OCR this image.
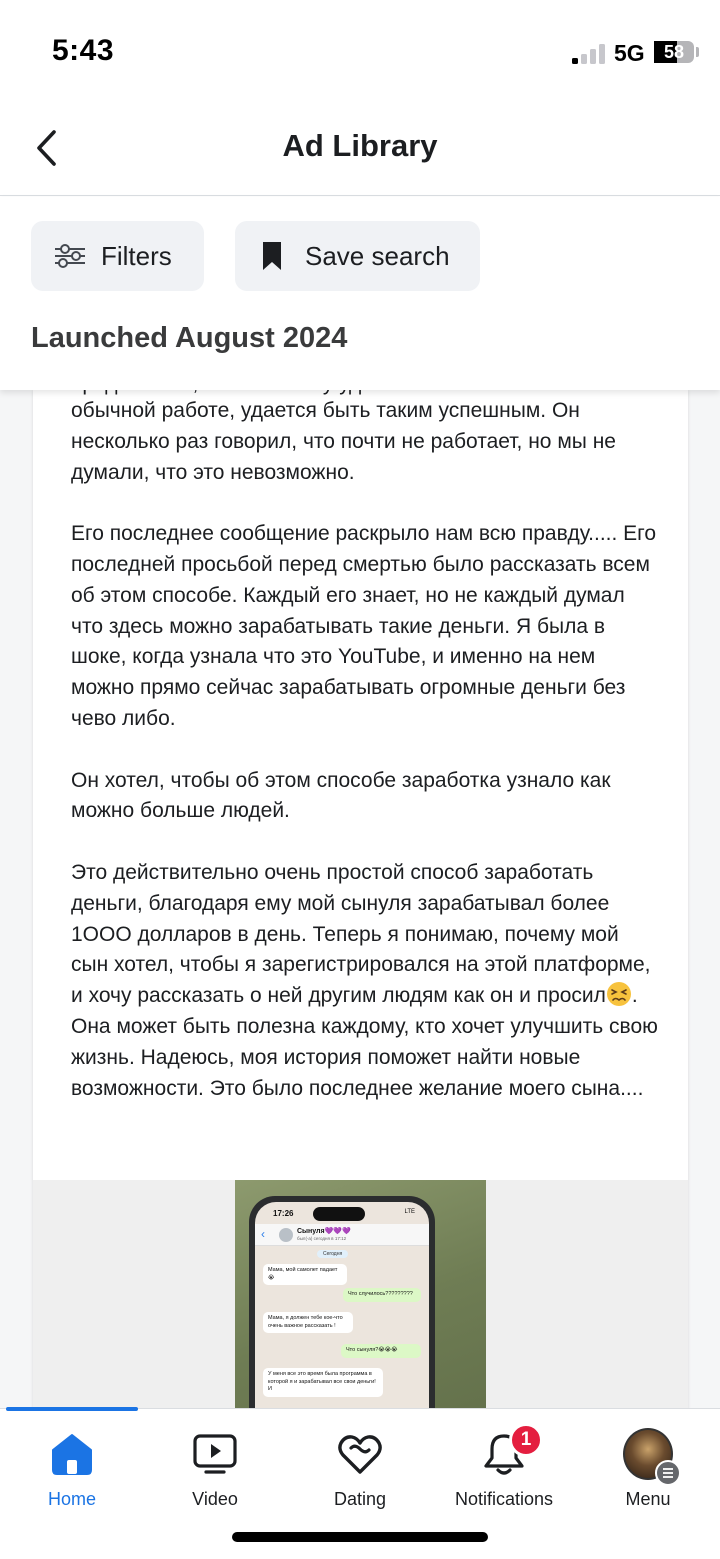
5:43	5G	58
Ad Library
Filters	Save search
Launched August 2024

обычной работе, удается быть таким успешным. Он несколько раз говорил, что почти не работает, но мы не думали, что это невозможно.

Его последнее сообщение раскрыло нам всю правду..... Его последней просьбой перед смертью было рассказать всем об этом способе. Каждый его знает, но не каждый думал что здесь можно зарабатывать такие деньги. Я была в шоке, когда узнала что это YouTube, и именно на нем можно прямо сейчас зарабатывать огромные деньги без чево либо.

Он хотел, чтобы об этом способе заработка узнало как можно больше людей.

Это действительно очень простой способ заработать деньги, благодаря ему мой сынуля зарабатывал более 1OOO долларов в день. Теперь я понимаю, почему мой сын хотел, чтобы я зарегистрировался на этой платформе, и хочу рассказать о ней другим людям как он и просил . Она может быть полезна каждому, кто хочет улучшить свою жизнь. Надеюсь, моя история поможет найти новые возможности. Это было последнее желание моего сына....

17:26	LTE
‹	Сынуля💜💜💜
был(-а) сегодня в 17:12
Сегодня
Мама, мой самолет падает😭
Что случилось?????????
Мама, я должен тебе кое-что очень важное рассказать !
Что сынуля?😭😭😭
У меня все это время была программа в которой я и зарабатывал все свои деньги! И
Home	Video	Dating
1
Notifications	Menu
